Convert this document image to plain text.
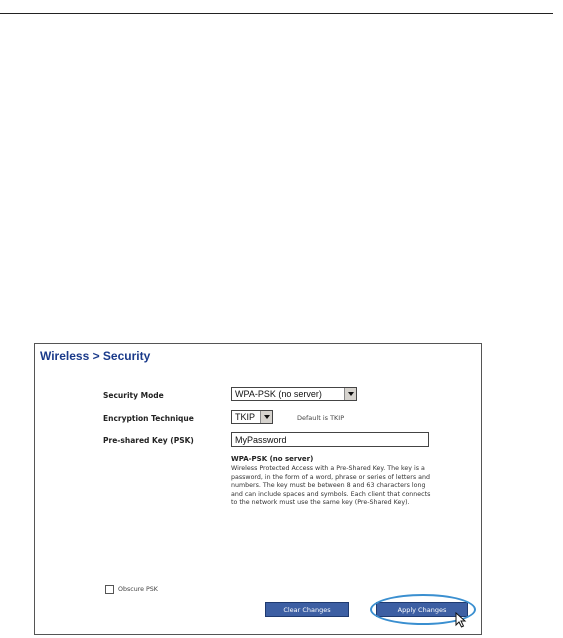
Wireless > Security
Security Mode	WPA-PSK (no server)
Encryption Technique	TKIP	Default is TKIP
Pre-shared Key (PSK)	MyPassword
WPA-PSK (no server)
Wireless Protected Access with a Pre-Shared Key. The key is a password, in the form of a word, phrase or series of letters and numbers. The key must be between 8 and 63 characters long and can include spaces and symbols. Each client that connects to the network must use the same key (Pre-Shared Key).
Obscure PSK
Clear Changes	Apply Changes
